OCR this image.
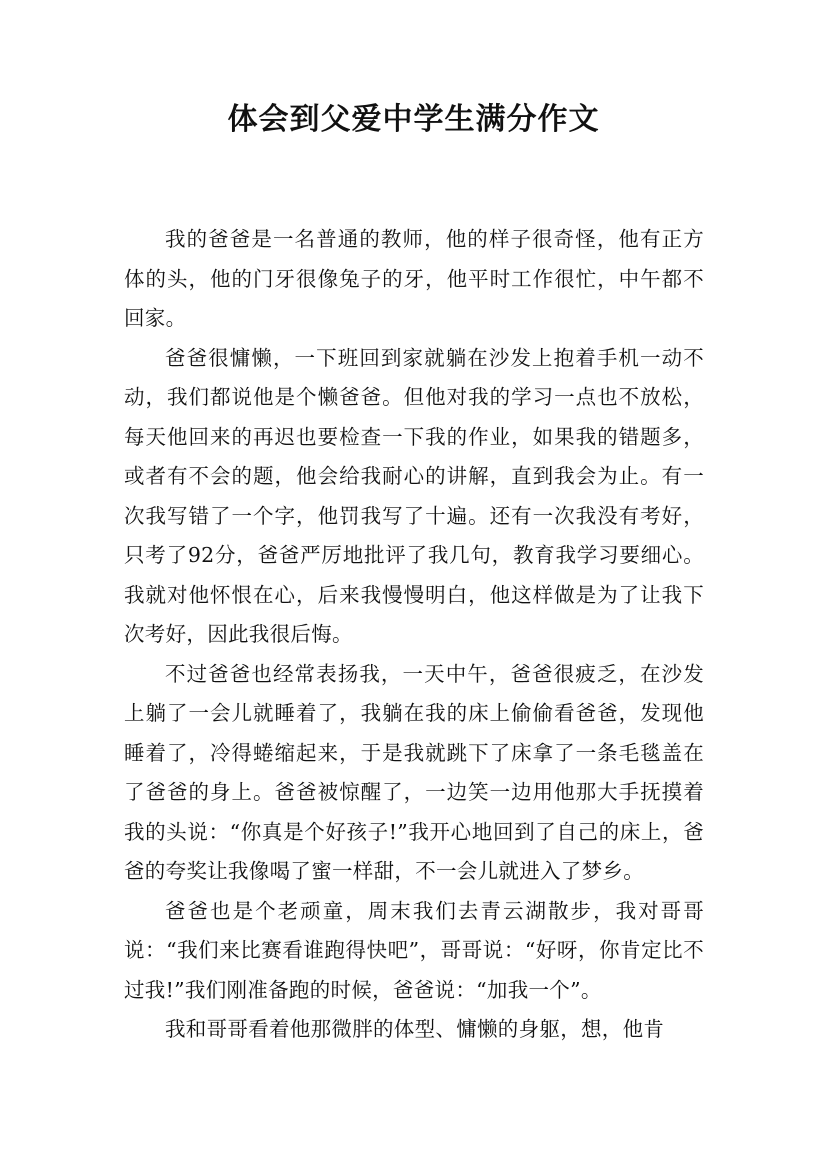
体会到父爱中学生满分作文

我的爸爸是一名普通的教师，他的样子很奇怪，他有正方体的头，他的门牙很像兔子的牙，他平时工作很忙，中午都不回家。

爸爸很慵懒，一下班回到家就躺在沙发上抱着手机一动不动，我们都说他是个懒爸爸。但他对我的学习一点也不放松，每天他回来的再迟也要检查一下我的作业，如果我的错题多，或者有不会的题，他会给我耐心的讲解，直到我会为止。有一次我写错了一个字，他罚我写了十遍。还有一次我没有考好，只考了92分，爸爸严厉地批评了我几句，教育我学习要细心。我就对他怀恨在心，后来我慢慢明白，他这样做是为了让我下次考好，因此我很后悔。

不过爸爸也经常表扬我，一天中午，爸爸很疲乏，在沙发上躺了一会儿就睡着了，我躺在我的床上偷偷看爸爸，发现他睡着了，冷得蜷缩起来，于是我就跳下了床拿了一条毛毯盖在了爸爸的身上。爸爸被惊醒了，一边笑一边用他那大手抚摸着我的头说：“你真是个好孩子!”我开心地回到了自己的床上，爸爸的夸奖让我像喝了蜜一样甜，不一会儿就进入了梦乡。

爸爸也是个老顽童，周末我们去青云湖散步，我对哥哥说：“我们来比赛看谁跑得快吧”，哥哥说：“好呀，你肯定比不过我!”我们刚准备跑的时候，爸爸说：“加我一个”。

我和哥哥看着他那微胖的体型、慵懒的身躯，想，他肯
